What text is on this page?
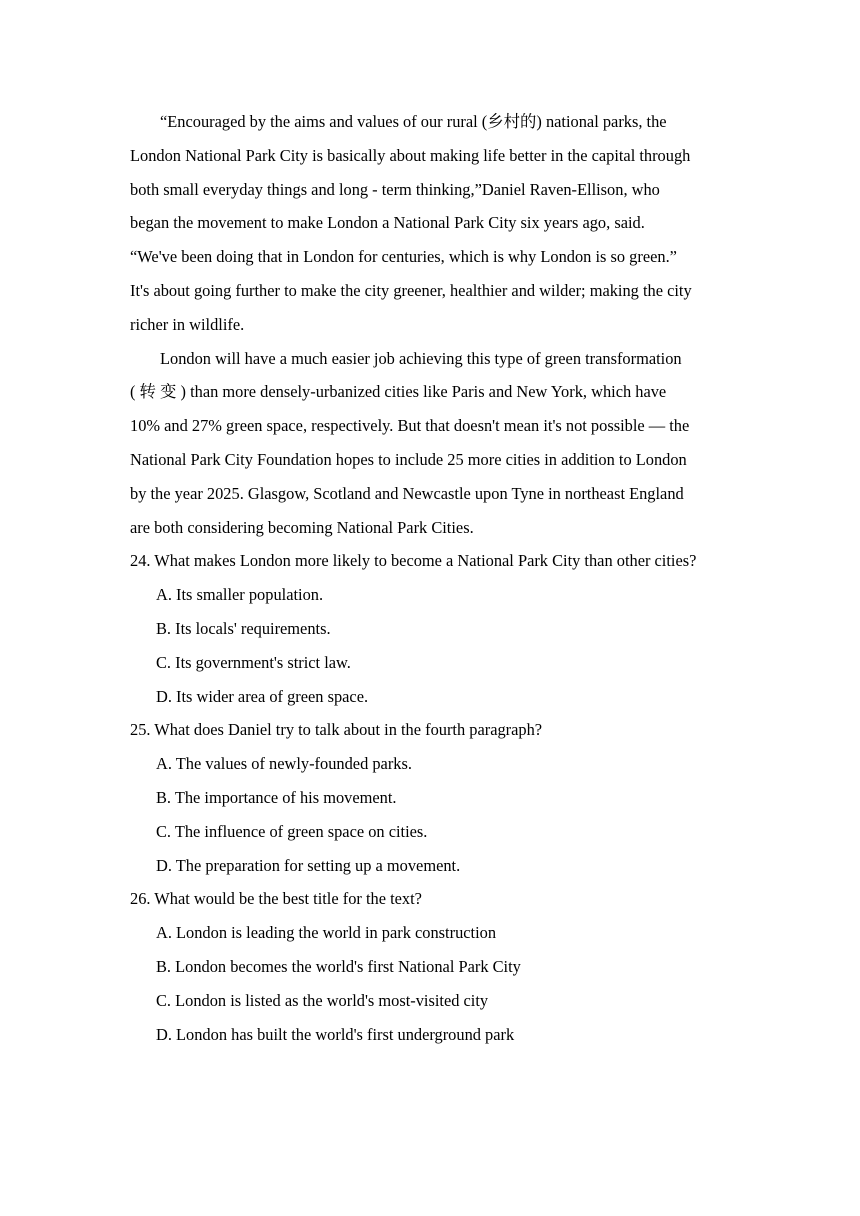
“Encouraged by the aims and values of our rural (乡村的) national parks, the
London National Park City is basically about making life better in the capital through
both small everyday things and long - term thinking,”Daniel Raven-Ellison, who
began the movement to make London a National Park City six years ago, said.
“We've been doing that in London for centuries, which is why London is so green.”
It's about going further to make the city greener, healthier and wilder; making the city
richer in wildlife.
London will have a much easier job achieving this type of green transformation
( 转 变 ) than more densely-urbanized cities like Paris and New York, which have
10% and 27% green space, respectively. But that doesn't mean it's not possible — the
National Park City Foundation hopes to include 25 more cities in addition to London
by the year 2025. Glasgow, Scotland and Newcastle upon Tyne in northeast England
are both considering becoming National Park Cities.
24. What makes London more likely to become a National Park City than other cities?
A. Its smaller population.
B. Its locals' requirements.
C. Its government's strict law.
D. Its wider area of green space.
25. What does Daniel try to talk about in the fourth paragraph?
A. The values of newly-founded parks.
B. The importance of his movement.
C. The influence of green space on cities.
D. The preparation for setting up a movement.
26. What would be the best title for the text?
A. London is leading the world in park construction
B. London becomes the world's first National Park City
C. London is listed as the world's most-visited city
D. London has built the world's first underground park
